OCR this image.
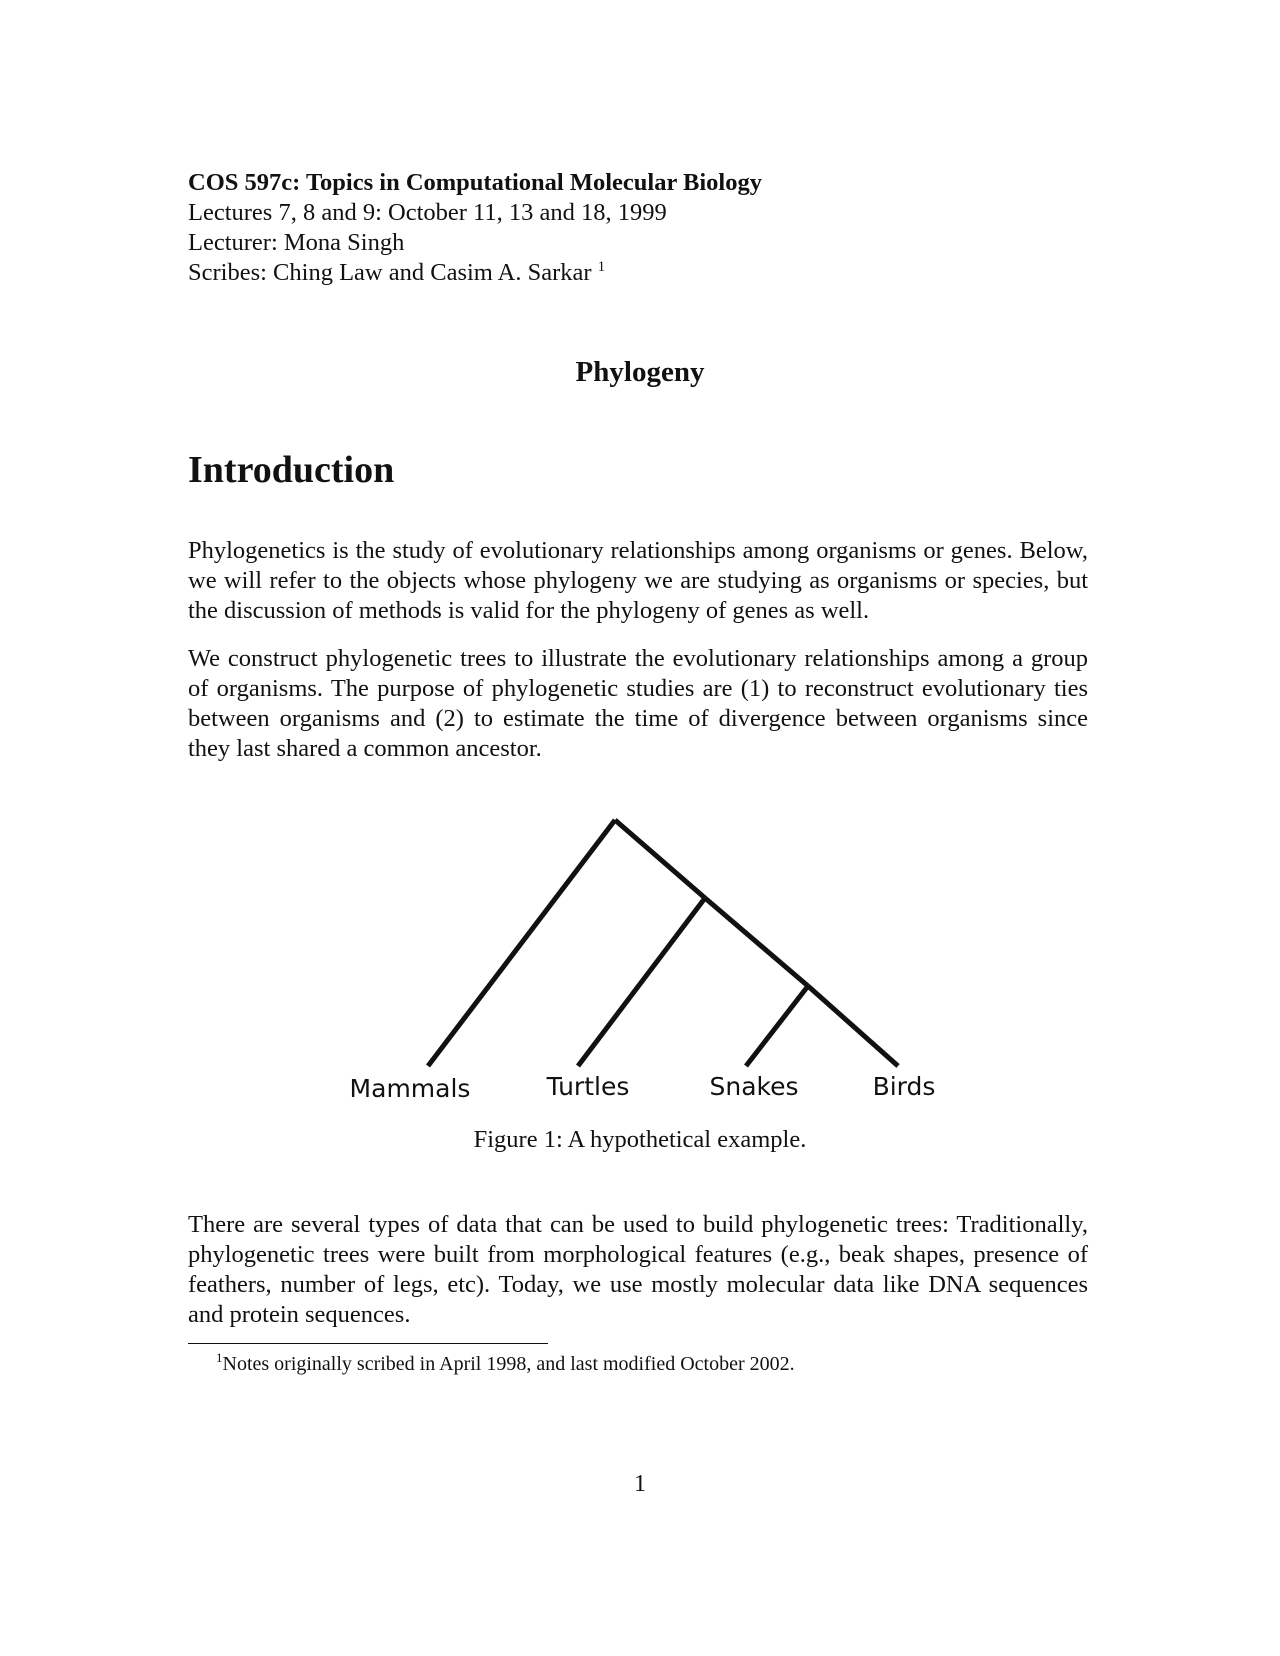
COS 597c: Topics in Computational Molecular Biology
Lectures 7, 8 and 9: October 11, 13 and 18, 1999
Lecturer: Mona Singh
Scribes: Ching Law and Casim A. Sarkar $^1$
Phylogeny
Introduction

Phylogenetics is the study of evolutionary relationships among organisms or genes. Below, we will refer to the objects whose phylogeny we are studying as organisms or species, but the discussion of methods is valid for the phylogeny of genes as well.

We construct phylogenetic trees to illustrate the evolutionary relationships among a group of organisms. The purpose of phylogenetic studies are (1) to reconstruct evolutionary ties between organisms and (2) to estimate the time of divergence between organisms since they last shared a common ancestor.

Mammals	Turtles	Snakes	Birds
Figure 1: A hypothetical example.

There are several types of data that can be used to build phylogenetic trees: Traditionally, phylogenetic trees were built from morphological features (e.g., beak shapes, presence of feathers, number of legs, etc). Today, we use mostly molecular data like DNA sequences and protein sequences.

$^1$Notes originally scribed in April 1998, and last modified October 2002.
1
